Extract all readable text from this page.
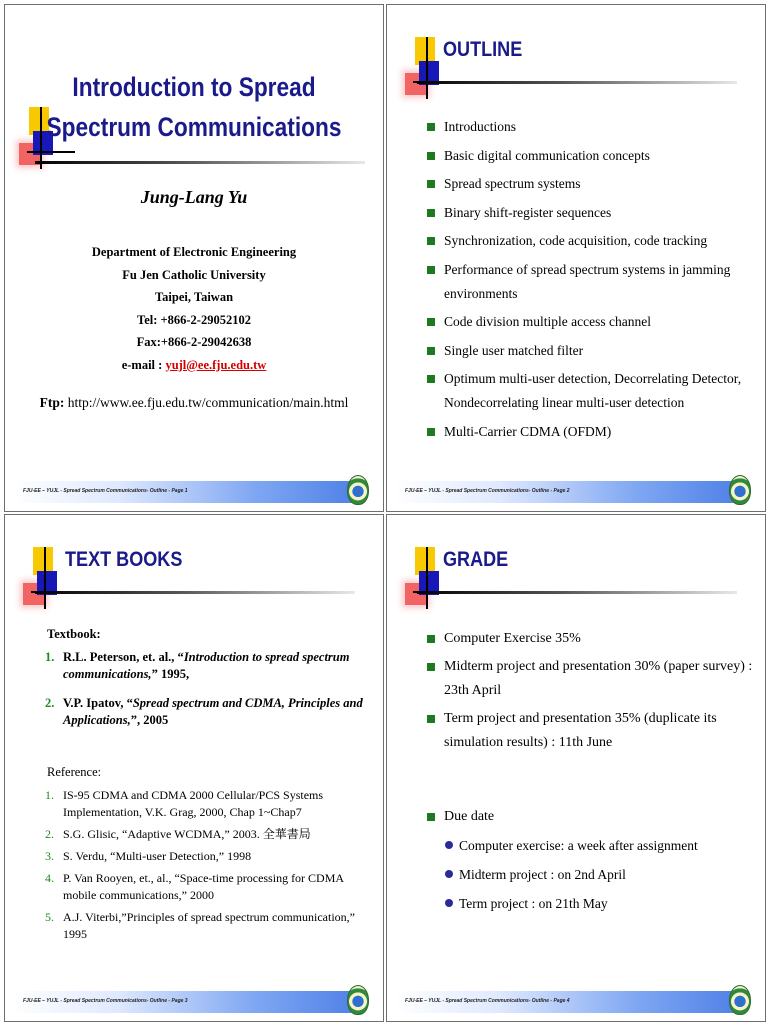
Introduction to Spread
Spectrum Communications
Jung-Lang Yu
Department of Electronic Engineering
Fu Jen Catholic University
Taipei, Taiwan
Tel: +866-2-29052102
Fax:+866-2-29042638
e-mail : yujl@ee.fju.edu.tw
Ftp: http://www.ee.fju.edu.tw/communication/main.html
FJU-EE – YUJL - Spread Spectrum Communications- Outline - Page 1
OUTLINE
Introductions
Basic digital communication concepts
Spread spectrum systems
Binary shift-register sequences
Synchronization, code acquisition, code tracking
Performance of spread spectrum systems in jamming environments
Code division multiple access channel
Single user matched filter
Optimum multi-user detection, Decorrelating Detector, Nondecorrelating linear multi-user detection
Multi-Carrier CDMA (OFDM)
FJU-EE – YUJL - Spread Spectrum Communications- Outline - Page 2
TEXT BOOKS
Textbook:
1. R.L. Peterson, et. al., “Introduction to spread spectrum communications,” 1995,
2. V.P. Ipatov, “Spread spectrum and CDMA, Principles and Applications,”, 2005
Reference:
1. IS-95 CDMA and CDMA 2000 Cellular/PCS Systems Implementation, V.K. Grag, 2000, Chap 1~Chap7
2. S.G. Glisic, “Adaptive WCDMA,” 2003. 全華書局
3. S. Verdu, “Multi-user Detection,” 1998
4. P. Van Rooyen, et., al., “Space-time processing for CDMA mobile communications,” 2000
5. A.J. Viterbi,”Principles of spread spectrum communication,” 1995
FJU-EE – YUJL - Spread Spectrum Communications- Outline - Page 3
GRADE
Computer Exercise 35%
Midterm project and presentation 30% (paper survey) : 23th April
Term project and presentation 35% (duplicate its simulation results) : 11th June
Due date
Computer exercise: a week after assignment
Midterm project : on 2nd April
Term project : on 21th May
FJU-EE – YUJL - Spread Spectrum Communications- Outline - Page 4
